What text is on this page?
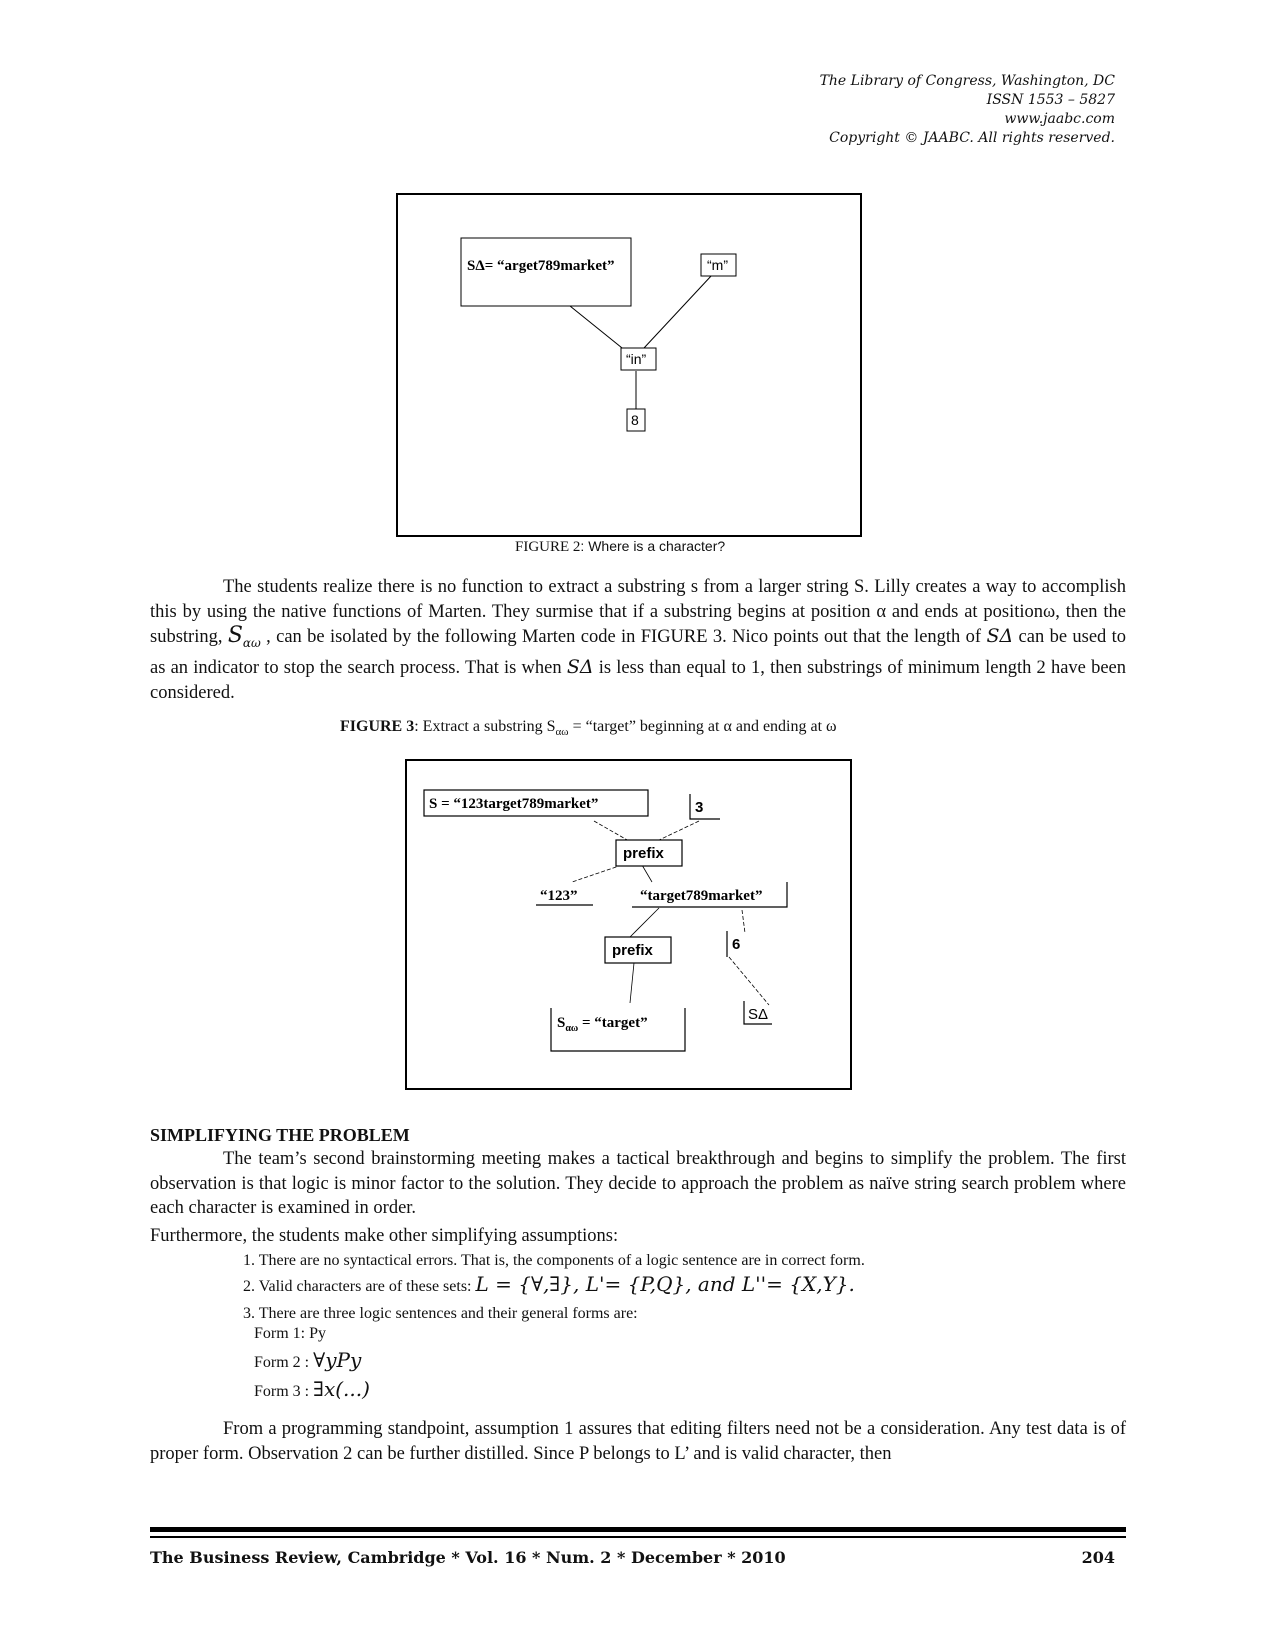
The Library of Congress, Washington, DC
ISSN 1553 – 5827
www.jaabc.com
Copyright © JAABC. All rights reserved.
SΔ= “arget789market”	“m”
“in”
8
FIGURE 2: Where is a character?

The students realize there is no function to extract a substring s from a larger string S. Lilly creates a way to accomplish this by using the native functions of Marten. They surmise that if a substring begins at position α and ends at positionω, then the substring, $S_{\alpha\omega}$ , can be isolated by the following Marten code in FIGURE 3. Nico points out that the length of SΔ can be used to as an indicator to stop the search process. That is when SΔ is less than equal to 1, then substrings of minimum length 2 have been considered.

FIGURE 3: Extract a substring $S_{\alpha\omega}$ = “target” beginning at α and ending at ω
S = “123target789market”	3
prefix
“123”	“target789market”
prefix	6
$S_{\alpha\omega}$ = “target”	SΔ
SIMPLIFYING THE PROBLEM

The team’s second brainstorming meeting makes a tactical breakthrough and begins to simplify the problem. The first observation is that logic is minor factor to the solution. They decide to approach the problem as naïve string search problem where each character is examined in order.

Furthermore, the students make other simplifying assumptions:

1. There are no syntactical errors. That is, the components of a logic sentence are in correct form.
2. Valid characters are of these sets: L = {∀,∃}, L'= {P,Q}, and L''= {X,Y}.
3. There are three logic sentences and their general forms are:
Form 1: Py
Form 2 : ∀yPy
Form 3 : ∃x(...)

From a programming standpoint, assumption 1 assures that editing filters need not be a consideration. Any test data is of proper form. Observation 2 can be further distilled. Since P belongs to L’ and is valid character, then

The Business Review, Cambridge * Vol. 16 * Num. 2 * December * 2010	204
